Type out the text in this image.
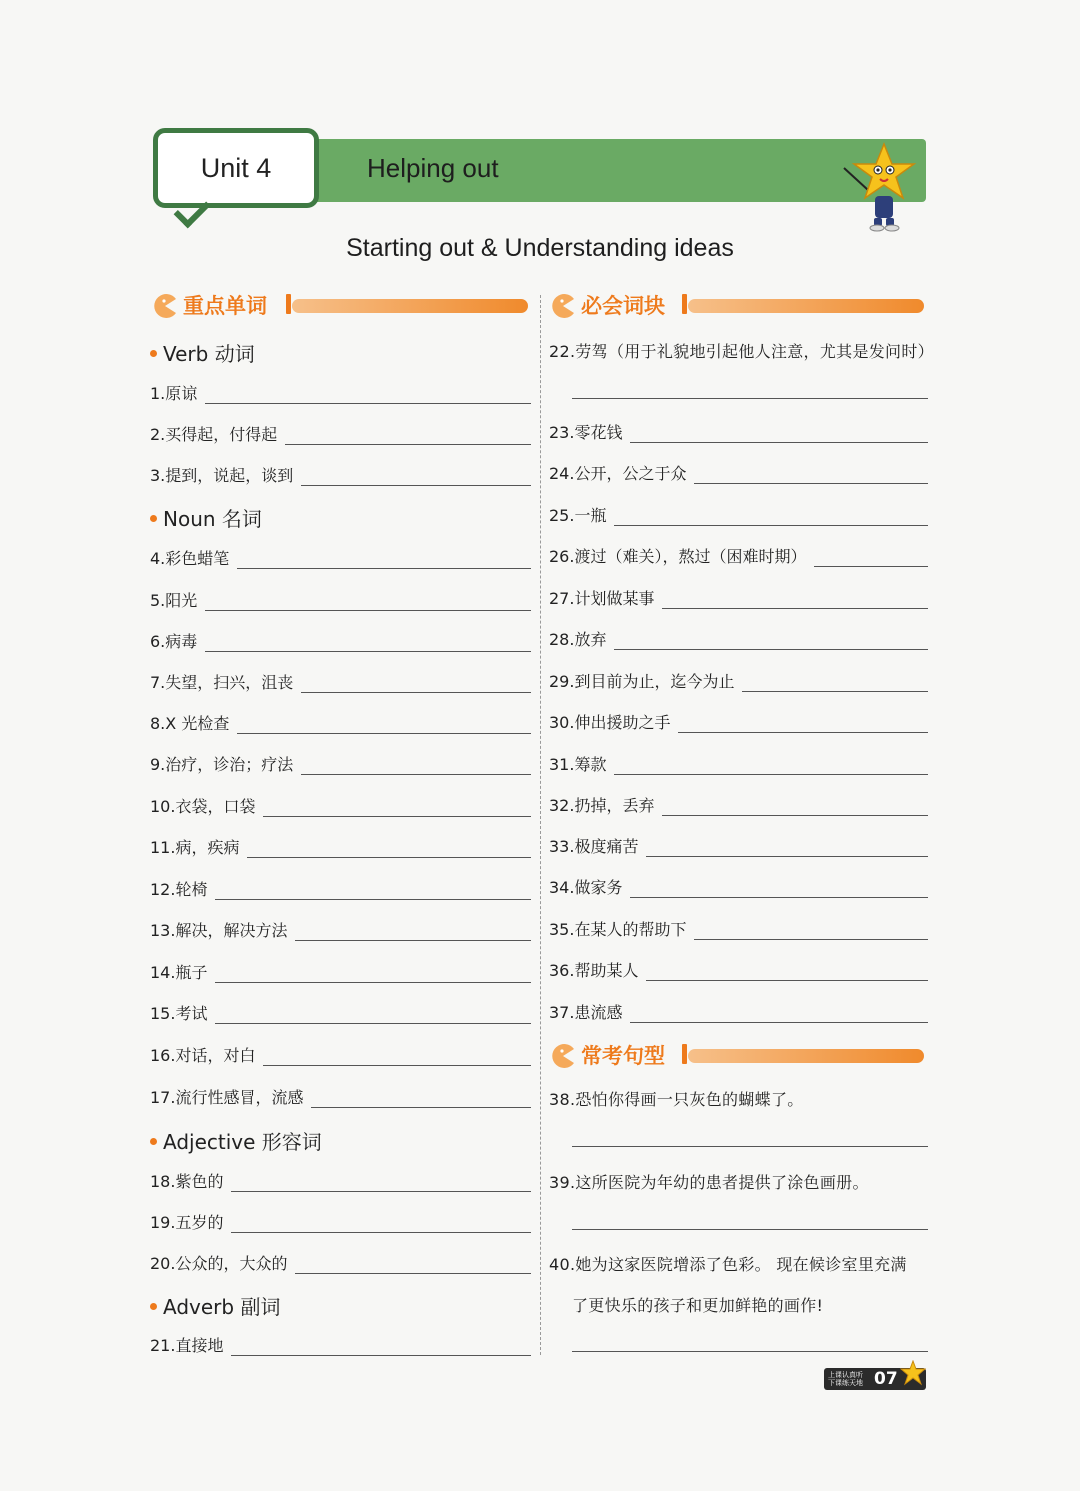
Unit 4	Helping out
Starting out & Understanding ideas
重点单词	必会词块
Verb 动词
1.原谅
2.买得起，付得起
3.提到，说起，谈到
Noun 名词
4.彩色蜡笔
5.阳光
6.病毒
7.失望，扫兴，沮丧
8.X 光检查
9.治疗，诊治；疗法
10.衣袋，口袋
11.病，疾病
12.轮椅
13.解决，解决方法
14.瓶子
15.考试
16.对话，对白
17.流行性感冒，流感
Adjective 形容词
18.紫色的
19.五岁的
20.公众的，大众的
Adverb 副词
21.直接地
22.劳驾（用于礼貌地引起他人注意，尤其是发问时）
23.零花钱
24.公开，公之于众
25.一瓶
26.渡过（难关），熬过（困难时期）
27.计划做某事
28.放弃
29.到目前为止，迄今为止
30.伸出援助之手
31.筹款
32.扔掉，丢弃
33.极度痛苦
34.做家务
35.在某人的帮助下
36.帮助某人
37.患流感
常考句型
38.恐怕你得画一只灰色的蝴蝶了。
39.这所医院为年幼的患者提供了涂色画册。
40.她为这家医院增添了色彩。 现在候诊室里充满
了更快乐的孩子和更加鲜艳的画作!
上课认真听
下课练天地 07
